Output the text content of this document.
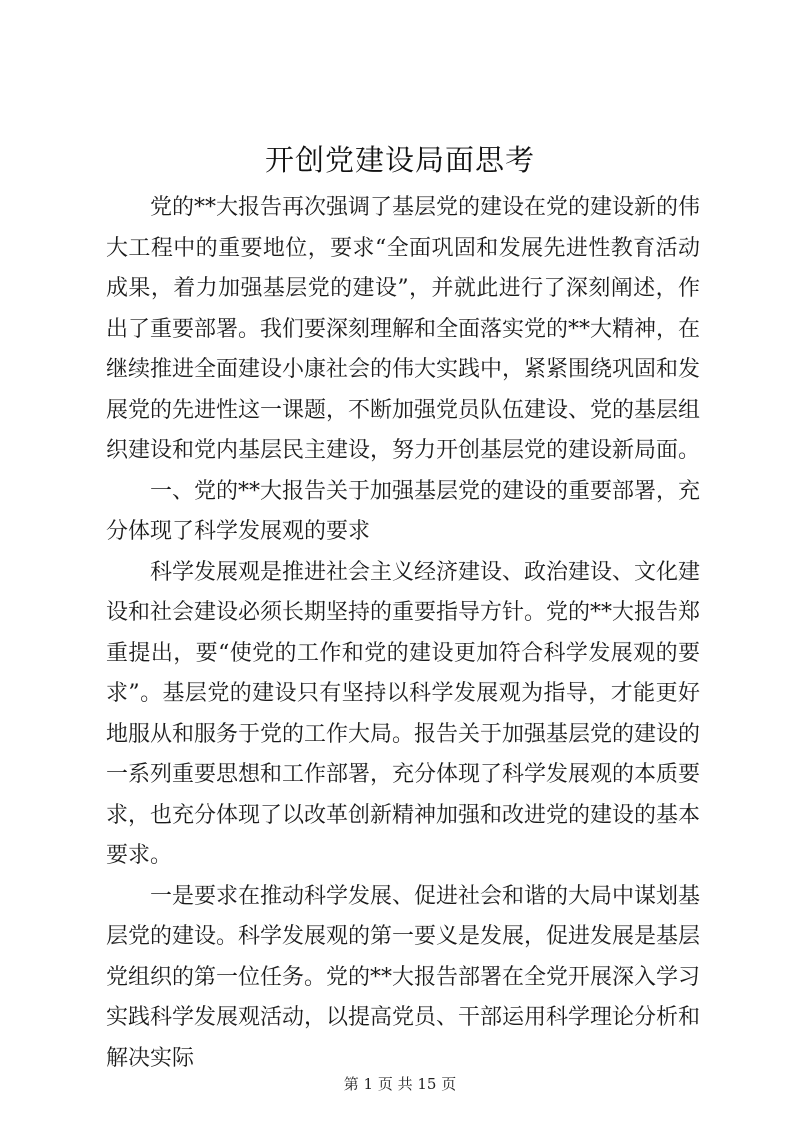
开创党建设局面思考

党的**大报告再次强调了基层党的建设在党的建设新的伟大工程中的重要地位，要求“全面巩固和发展先进性教育活动成果，着力加强基层党的建设”，并就此进行了深刻阐述，作出了重要部署。我们要深刻理解和全面落实党的**大精神，在继续推进全面建设小康社会的伟大实践中，紧紧围绕巩固和发展党的先进性这一课题，不断加强党员队伍建设、党的基层组织建设和党内基层民主建设，努力开创基层党的建设新局面。

一、党的**大报告关于加强基层党的建设的重要部署，充分体现了科学发展观的要求

科学发展观是推进社会主义经济建设、政治建设、文化建设和社会建设必须长期坚持的重要指导方针。党的**大报告郑重提出，要“使党的工作和党的建设更加符合科学发展观的要求”。基层党的建设只有坚持以科学发展观为指导，才能更好地服从和服务于党的工作大局。报告关于加强基层党的建设的一系列重要思想和工作部署，充分体现了科学发展观的本质要求，也充分体现了以改革创新精神加强和改进党的建设的基本要求。

一是要求在推动科学发展、促进社会和谐的大局中谋划基层党的建设。科学发展观的第一要义是发展，促进发展是基层党组织的第一位任务。党的**大报告部署在全党开展深入学习实践科学发展观活动，以提高党员、干部运用科学理论分析和解决实际

第 1 页 共 15 页
